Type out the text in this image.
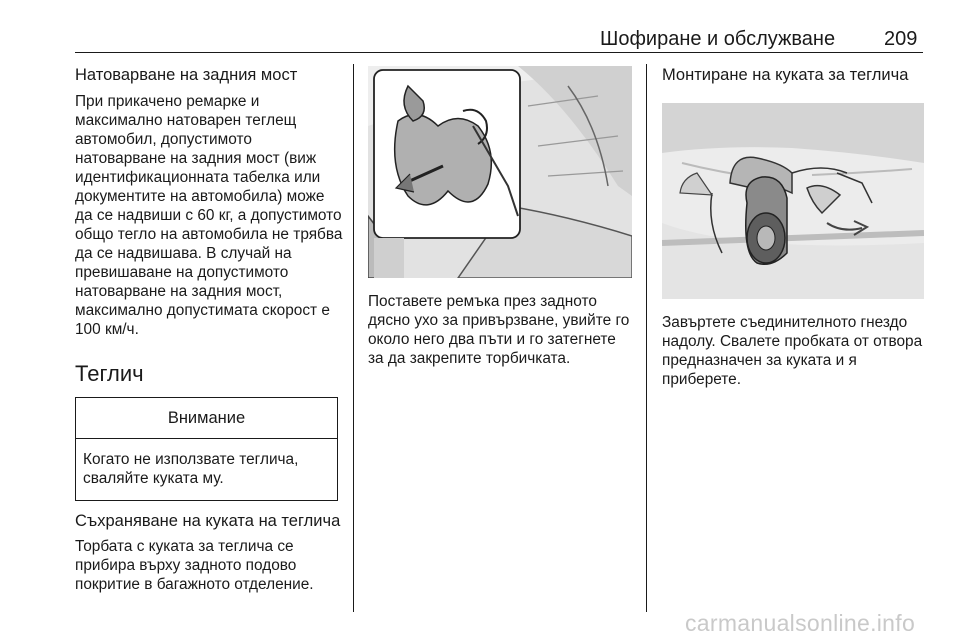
Шофиране и обслужване 209

Натоварване на задния мост

При прикачено ремарке и максимално натоварен теглещ автомобил, допустимото натоварване на задния мост (виж идентификационната табелка или документите на автомобила) може да се надвиши с 60 кг, а допустимото общо тегло на автомобила не трябва да се надвишава. В случай на превишаване на допустимото натоварване на задния мост, максимално допустимата скорост е 100 км/ч.

Теглич

Внимание
Когато не използвате теглича, сваляйте куката му.

Съхраняване на куката на теглича

Торбата с куката за теглича се прибира върху задното подово покритие в багажното отделение.

Поставете ремъка през задното дясно ухо за привързване, увийте го около него два пъти и го затегнете за да закрепите торбичката.

Монтиране на куката за теглича

Завъртете съединителното гнездо надолу. Свалете пробката от отвора предназначен за куката и я приберете.

carmanualsonline.info
